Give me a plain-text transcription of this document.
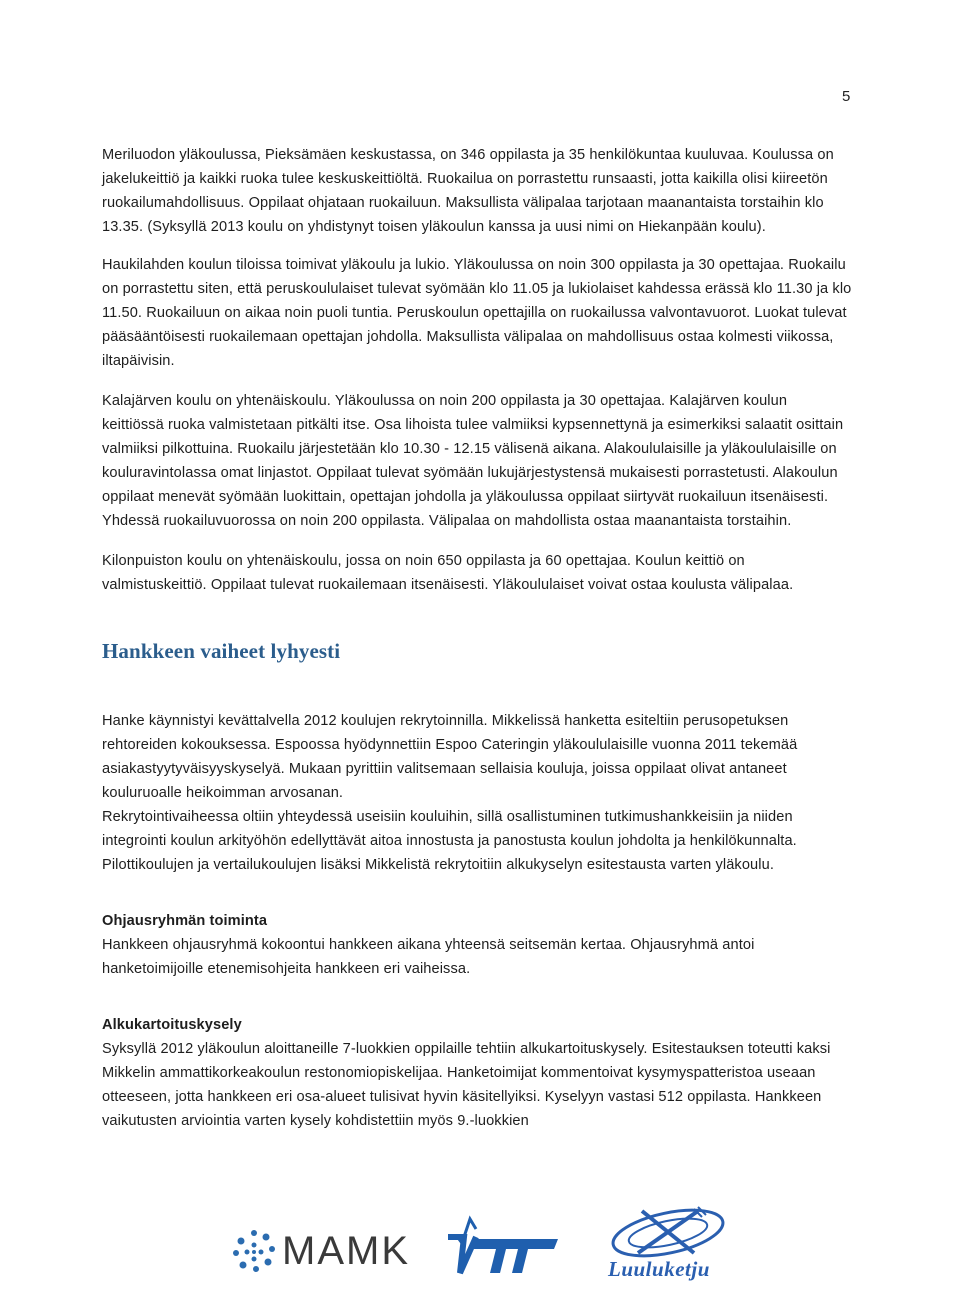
5

Meriluodon yläkoulussa, Pieksämäen keskustassa, on 346 oppilasta ja 35 henkilökuntaa kuuluvaa. Koulussa on jakelukeittiö ja kaikki ruoka tulee keskuskeittiöltä. Ruokailua on porrastettu runsaasti, jotta kaikilla olisi kiireetön ruokailumahdollisuus. Oppilaat ohjataan ruokailuun. Maksullista välipalaa tarjotaan maanantaista torstaihin klo 13.35. (Syksyllä 2013 koulu on yhdistynyt toisen yläkoulun kanssa ja uusi nimi on Hiekanpään koulu).

Haukilahden koulun tiloissa toimivat yläkoulu ja lukio. Yläkoulussa on noin 300 oppilasta ja 30 opettajaa. Ruokailu on porrastettu siten, että peruskoululaiset tulevat syömään klo 11.05 ja lukiolaiset kahdessa erässä klo 11.30 ja klo 11.50. Ruokailuun on aikaa noin puoli tuntia. Peruskoulun opettajilla on ruokailussa valvontavuorot. Luokat tulevat pääsääntöisesti ruokailemaan opettajan johdolla. Maksullista välipalaa on mahdollisuus ostaa kolmesti viikossa, iltapäivisin.

Kalajärven koulu on yhtenäiskoulu. Yläkoulussa on noin 200 oppilasta ja 30 opettajaa. Kalajärven koulun keittiössä ruoka valmistetaan pitkälti itse. Osa lihoista tulee valmiiksi kypsennettynä ja esimerkiksi salaatit osittain valmiiksi pilkottuina. Ruokailu järjestetään klo 10.30 - 12.15 välisenä aikana. Alakoululaisille ja yläkoululaisille on kouluravintolassa omat linjastot. Oppilaat tulevat syömään lukujärjestystensä mukaisesti porrastetusti. Alakoulun oppilaat menevät syömään luokittain, opettajan johdolla ja yläkoulussa oppilaat siirtyvät ruokailuun itsenäisesti. Yhdessä ruokailuvuorossa on noin 200 oppilasta. Välipalaa on mahdollista ostaa maanantaista torstaihin.

Kilonpuiston koulu on yhtenäiskoulu, jossa on noin 650 oppilasta ja 60 opettajaa. Koulun keittiö on valmistuskeittiö. Oppilaat tulevat ruokailemaan itsenäisesti. Yläkoululaiset voivat ostaa koulusta välipalaa.

Hankkeen vaiheet lyhyesti

Hanke käynnistyi kevättalvella 2012 koulujen rekrytoinnilla. Mikkelissä hanketta esiteltiin perusopetuksen rehtoreiden kokouksessa. Espoossa hyödynnettiin Espoo Cateringin yläkoululaisille vuonna 2011 tekemää asiakastyytyväisyyskyselyä. Mukaan pyrittiin valitsemaan sellaisia kouluja, joissa oppilaat olivat antaneet kouluruoalle heikoimman arvosanan.

Rekrytointivaiheessa oltiin yhteydessä useisiin kouluihin, sillä osallistuminen tutkimushankkeisiin ja niiden integrointi koulun arkityöhön edellyttävät aitoa innostusta ja panostusta koulun johdolta ja henkilökunnalta. Pilottikoulujen ja vertailukoulujen lisäksi Mikkelistä rekrytoitiin alkukyselyn esitestausta varten yläkoulu.

Ohjausryhmän toiminta

Hankkeen ohjausryhmä kokoontui hankkeen aikana yhteensä seitsemän kertaa. Ohjausryhmä antoi hanketoimijoille etenemisohjeita hankkeen eri vaiheissa.

Alkukartoituskysely

Syksyllä 2012 yläkoulun aloittaneille 7-luokkien oppilaille tehtiin alkukartoituskysely. Esitestauksen toteutti kaksi Mikkelin ammattikorkeakoulun restonomiopiskelijaa. Hanketoimijat kommentoivat kysymyspatteristoa useaan otteeseen, jotta hankkeen eri osa-alueet tulisivat hyvin käsitellyiksi. Kyselyyn vastasi 512 oppilasta. Hankkeen vaikutusten arviointia varten kysely kohdistettiin myös 9.-luokkien

MAMK	Luuluketju
